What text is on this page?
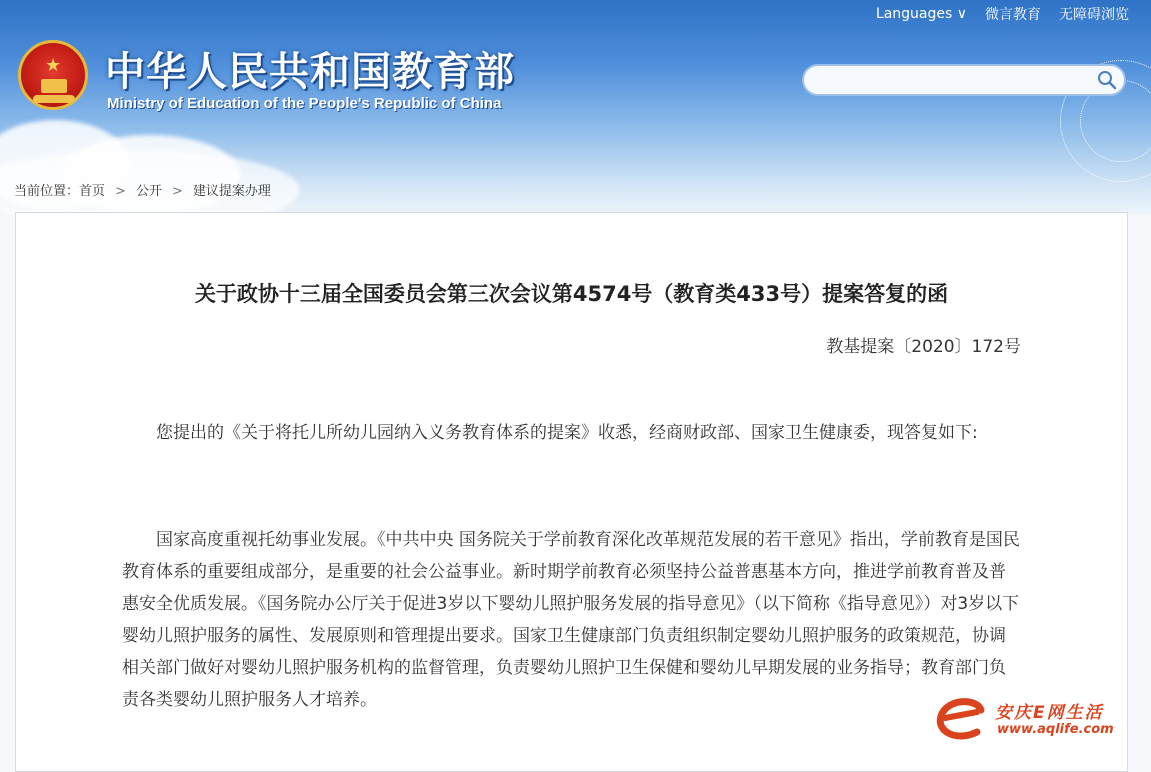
Languages ∨ 微言教育 无障碍浏览
★ 中华人民共和国教育部
Ministry of Education of the People's Republic of China
当前位置：首页 > 公开 > 建议提案办理
关于政协十三届全国委员会第三次会议第4574号（教育类433号）提案答复的函
教基提案〔2020〕172号
您提出的《关于将托儿所幼儿园纳入义务教育体系的提案》收悉，经商财政部、国家卫生健康委，现答复如下:
国家高度重视托幼事业发展。《中共中央 国务院关于学前教育深化改革规范发展的若干意见》指出，学前教育是国民教育体系的重要组成部分，是重要的社会公益事业。新时期学前教育必须坚持公益普惠基本方向，推进学前教育普及普惠安全优质发展。《国务院办公厅关于促进3岁以下婴幼儿照护服务发展的指导意见》（以下简称《指导意见》）对3岁以下婴幼儿照护服务的属性、发展原则和管理提出要求。国家卫生健康部门负责组织制定婴幼儿照护服务的政策规范，协调相关部门做好对婴幼儿照护服务机构的监督管理，负责婴幼儿照护卫生保健和婴幼儿早期发展的业务指导；教育部门负责各类婴幼儿照护服务人才培养。
安庆E网生活
www.aqlife.com
